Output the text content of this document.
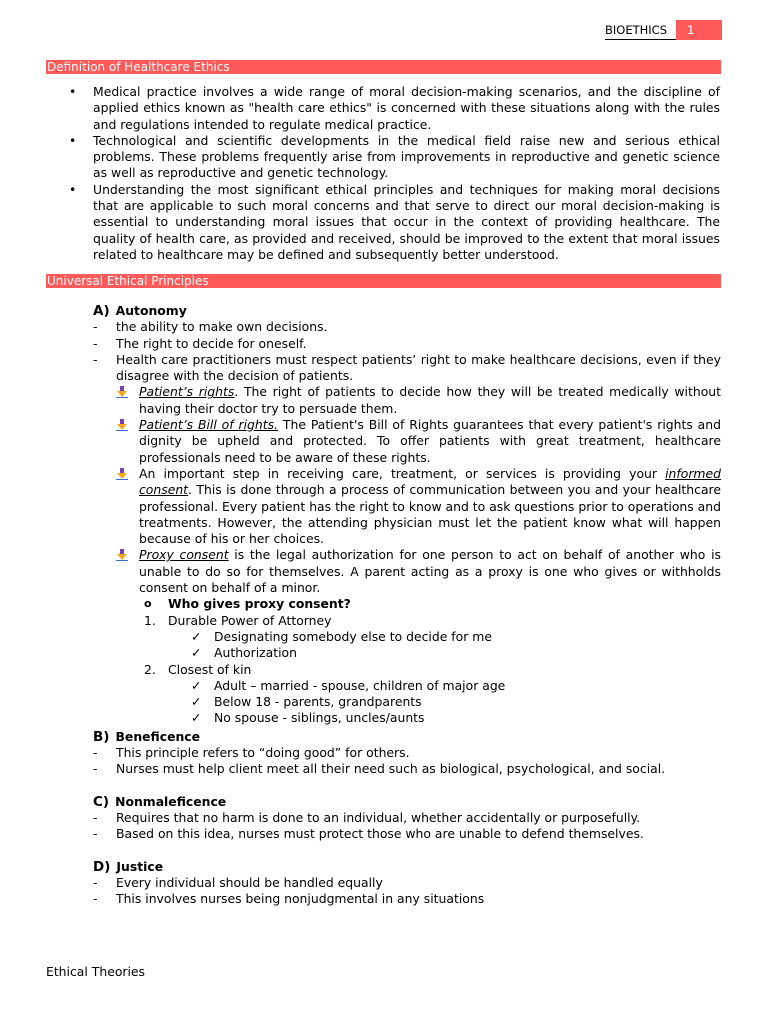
BIOETHICS	1
Definition of Healthcare Ethics
• Medical practice involves a wide range of moral decision-making scenarios, and the discipline of applied ethics known as "health care ethics" is concerned with these situations along with the rules and regulations intended to regulate medical practice.
• Technological and scientific developments in the medical field raise new and serious ethical problems. These problems frequently arise from improvements in reproductive and genetic science as well as reproductive and genetic technology.
• Understanding the most significant ethical principles and techniques for making moral decisions that are applicable to such moral concerns and that serve to direct our moral decision-making is essential to understanding moral issues that occur in the context of providing healthcare. The quality of health care, as provided and received, should be improved to the extent that moral issues related to healthcare may be defined and subsequently better understood.
Universal Ethical Principles
A) Autonomy
- the ability to make own decisions.
- The right to decide for oneself.
- Health care practitioners must respect patients’ right to make healthcare decisions, even if they disagree with the decision of patients.
Patient’s rights. The right of patients to decide how they will be treated medically without having their doctor try to persuade them.
Patient’s Bill of rights. The Patient's Bill of Rights guarantees that every patient's rights and dignity be upheld and protected. To offer patients with great treatment, healthcare professionals need to be aware of these rights.
An important step in receiving care, treatment, or services is providing your informed consent. This is done through a process of communication between you and your healthcare professional. Every patient has the right to know and to ask questions prior to operations and treatments. However, the attending physician must let the patient know what will happen because of his or her choices.
Proxy consent is the legal authorization for one person to act on behalf of another who is unable to do so for themselves. A parent acting as a proxy is one who gives or withholds consent on behalf of a minor.
o Who gives proxy consent?
1. Durable Power of Attorney
✓ Designating somebody else to decide for me
✓ Authorization
2. Closest of kin
✓ Adult – married - spouse, children of major age
✓ Below 18 - parents, grandparents
✓ No spouse - siblings, uncles/aunts
B) Beneficence
- This principle refers to “doing good” for others.
- Nurses must help client meet all their need such as biological, psychological, and social.
C) Nonmaleficence
- Requires that no harm is done to an individual, whether accidentally or purposefully.
- Based on this idea, nurses must protect those who are unable to defend themselves.
D) Justice
- Every individual should be handled equally
- This involves nurses being nonjudgmental in any situations
Ethical Theories
